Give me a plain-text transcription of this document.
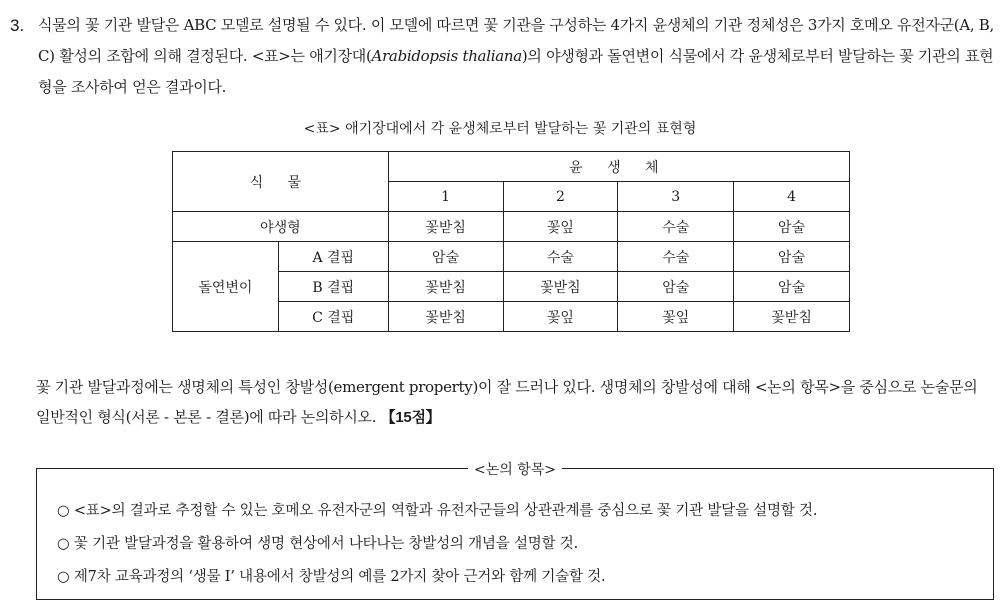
3. 식물의 꽃 기관 발달은 ABC 모델로 설명될 수 있다. 이 모델에 따르면 꽃 기관을 구성하는 4가지 윤생체의 기관 정체성은 3가지 호메오 유전자군(A, B, C) 활성의 조합에 의해 결정된다. <표>는 애기장대(Arabidopsis thaliana)의 야생형과 돌연변이 식물에서 각 윤생체로부터 발달하는 꽃 기관의 표현형을 조사하여 얻은 결과이다.
<표> 애기장대에서 각 윤생체로부터 발달하는 꽃 기관의 표현형
식 물		윤 생 체			
		1	2	3	4
야생형		꽃받침	꽃잎	수술	암술
돌연변이	A 결핍	암술	수술	수술	암술
	B 결핍	꽃받침	꽃받침	암술	암술
	C 결핍	꽃받침	꽃잎	꽃잎	꽃받침
꽃 기관 발달과정에는 생명체의 특성인 창발성(emergent property)이 잘 드러나 있다. 생명체의 창발성에 대해 <논의 항목>을 중심으로 논술문의 일반적인 형식(서론 - 본론 - 결론)에 따라 논의하시오. 【15점】
<논의 항목>
○ <표>의 결과로 추정할 수 있는 호메오 유전자군의 역할과 유전자군들의 상관관계를 중심으로 꽃 기관 발달을 설명할 것.
○ 꽃 기관 발달과정을 활용하여 생명 현상에서 나타나는 창발성의 개념을 설명할 것.
○ 제7차 교육과정의 ‘생물 I’ 내용에서 창발성의 예를 2가지 찾아 근거와 함께 기술할 것.
